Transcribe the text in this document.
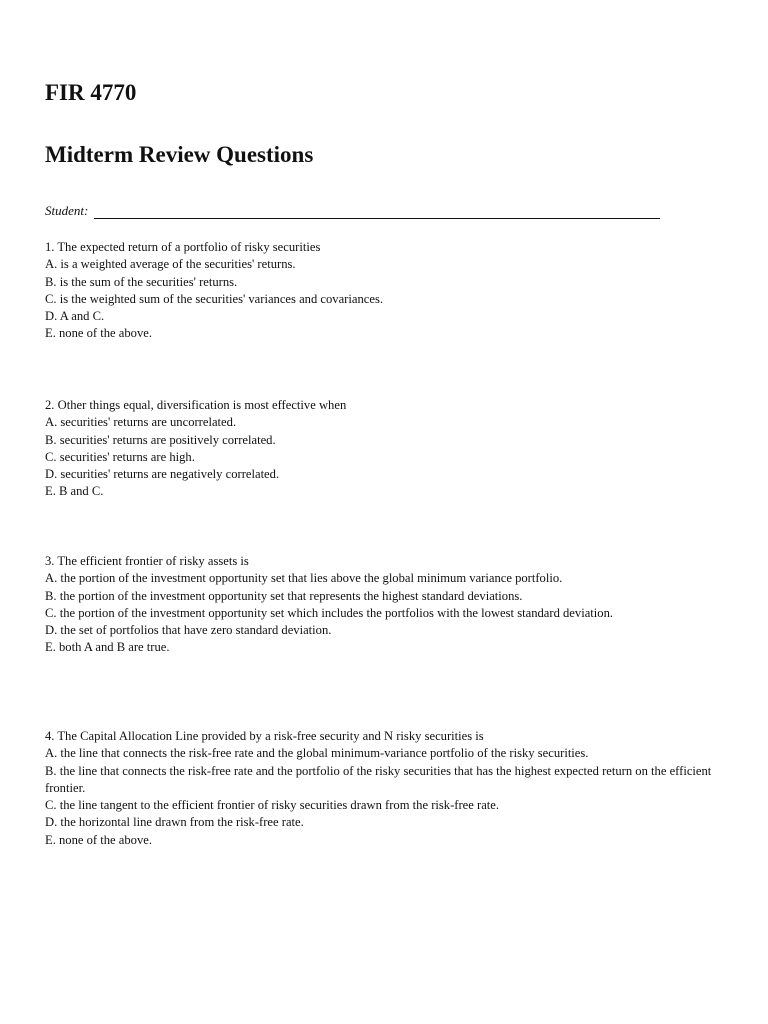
FIR 4770
Midterm Review Questions
Student:

1. The expected return of a portfolio of risky securities

A. is a weighted average of the securities' returns.

B. is the sum of the securities' returns.

C. is the weighted sum of the securities' variances and covariances.

D. A and C.

E. none of the above.

2. Other things equal, diversification is most effective when

A. securities' returns are uncorrelated.

B. securities' returns are positively correlated.

C. securities' returns are high.

D. securities' returns are negatively correlated.

E. B and C.

3. The efficient frontier of risky assets is

A. the portion of the investment opportunity set that lies above the global minimum variance portfolio.

B. the portion of the investment opportunity set that represents the highest standard deviations.

C. the portion of the investment opportunity set which includes the portfolios with the lowest standard deviation.

D. the set of portfolios that have zero standard deviation.

E. both A and B are true.

4. The Capital Allocation Line provided by a risk-free security and N risky securities is

A. the line that connects the risk-free rate and the global minimum-variance portfolio of the risky securities.

B. the line that connects the risk-free rate and the portfolio of the risky securities that has the highest expected return on the efficient frontier.

C. the line tangent to the efficient frontier of risky securities drawn from the risk-free rate.

D. the horizontal line drawn from the risk-free rate.

E. none of the above.
